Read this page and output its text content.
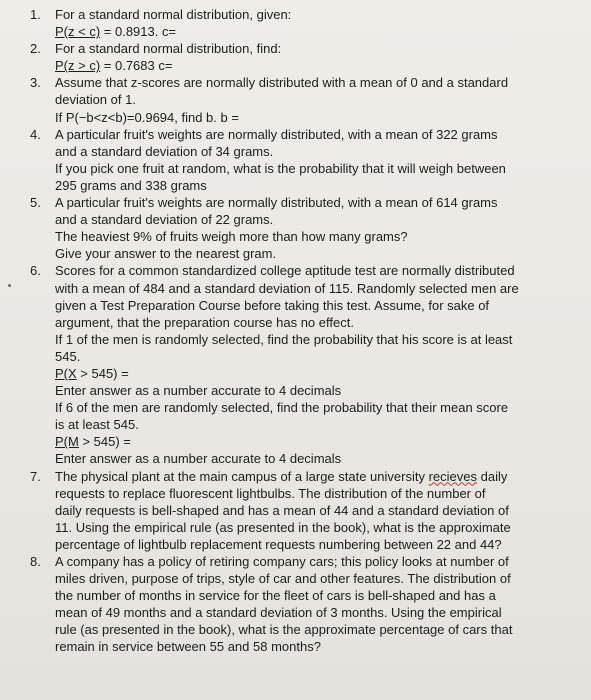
1. For a standard normal distribution, given:
P(z < c) = 0.8913. c=
2. For a standard normal distribution, find:
P(z > c) = 0.7683 c=
3. Assume that z-scores are normally distributed with a mean of 0 and a standard
deviation of 1.
If P(−b<z<b)=0.9694, find b. b =
4. A particular fruit's weights are normally distributed, with a mean of 322 grams
and a standard deviation of 34 grams.
If you pick one fruit at random, what is the probability that it will weigh between
295 grams and 338 grams
5. A particular fruit's weights are normally distributed, with a mean of 614 grams
and a standard deviation of 22 grams.
The heaviest 9% of fruits weigh more than how many grams?
Give your answer to the nearest gram.
6. Scores for a common standardized college aptitude test are normally distributed
with a mean of 484 and a standard deviation of 115. Randomly selected men are
given a Test Preparation Course before taking this test. Assume, for sake of
argument, that the preparation course has no effect.
If 1 of the men is randomly selected, find the probability that his score is at least
545.
P(X > 545) =
Enter answer as a number accurate to 4 decimals
If 6 of the men are randomly selected, find the probability that their mean score
is at least 545.
P(M > 545) =
Enter answer as a number accurate to 4 decimals
7. The physical plant at the main campus of a large state university recieves daily
requests to replace fluorescent lightbulbs. The distribution of the number of
daily requests is bell-shaped and has a mean of 44 and a standard deviation of
11. Using the empirical rule (as presented in the book), what is the approximate
percentage of lightbulb replacement requests numbering between 22 and 44?
8. A company has a policy of retiring company cars; this policy looks at number of
miles driven, purpose of trips, style of car and other features. The distribution of
the number of months in service for the fleet of cars is bell-shaped and has a
mean of 49 months and a standard deviation of 3 months. Using the empirical
rule (as presented in the book), what is the approximate percentage of cars that
remain in service between 55 and 58 months?
